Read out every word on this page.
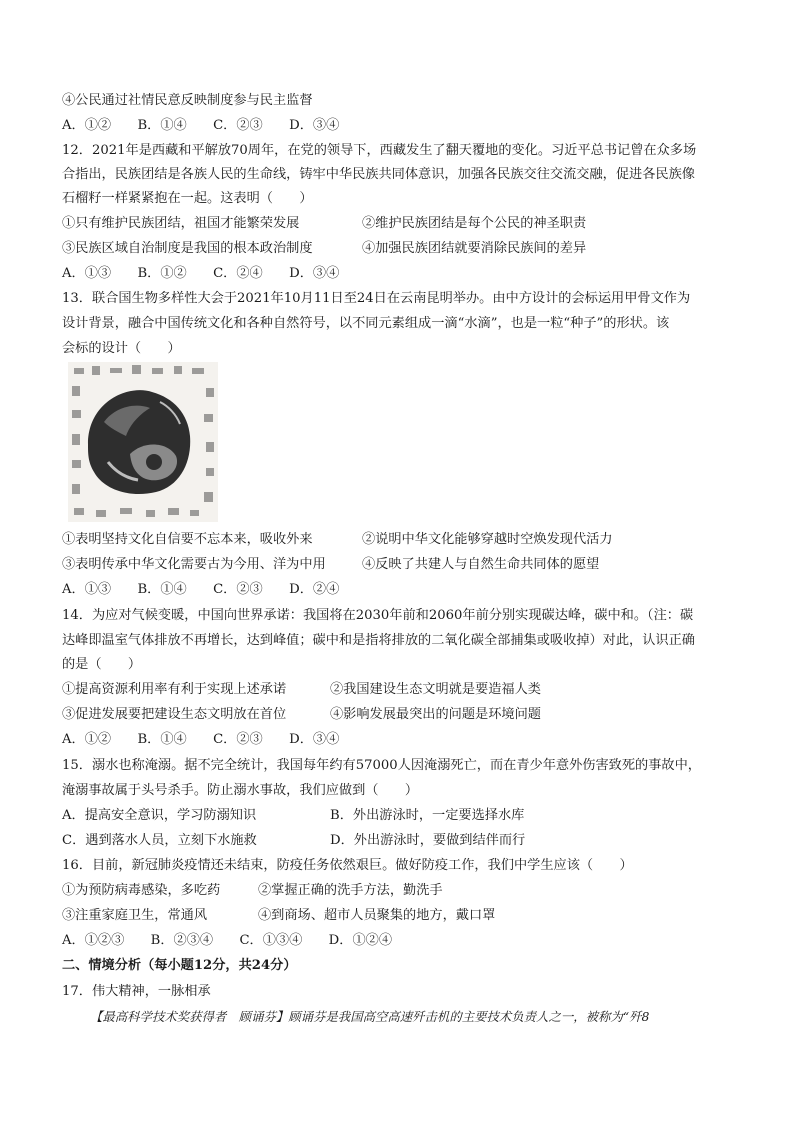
④公民通过社情民意反映制度参与民主监督
A．①②　　B．①④　　C．②③　　D．③④
12．2021年是西藏和平解放70周年，在党的领导下，西藏发生了翻天覆地的变化。习近平总书记曾在众多场
合指出，民族团结是各族人民的生命线，铸牢中华民族共同体意识，加强各民族交往交流交融，促进各民族像
石榴籽一样紧紧抱在一起。这表明（　　）
①只有维护民族团结，祖国才能繁荣发展	②维护民族团结是每个公民的神圣职责
③民族区域自治制度是我国的根本政治制度	④加强民族团结就要消除民族间的差异
A．①③　　B．①②　　C．②④　　D．③④
13．联合国生物多样性大会于2021年10月11日至24日在云南昆明举办。由中方设计的会标运用甲骨文作为
设计背景，融合中国传统文化和各种自然符号，以不同元素组成一滴“水滴”，也是一粒“种子”的形状。该
会标的设计（　　）
①表明坚持文化自信要不忘本来，吸收外来	②说明中华文化能够穿越时空焕发现代活力
③表明传承中华文化需要古为今用、洋为中用	④反映了共建人与自然生命共同体的愿望
A．①③　　B．①④　　C．②③　　D．②④
14．为应对气候变暖，中国向世界承诺：我国将在2030年前和2060年前分别实现碳达峰，碳中和。（注：碳
达峰即温室气体排放不再增长，达到峰值；碳中和是指将排放的二氧化碳全部捕集或吸收掉）对此，认识正确
的是（　　）
①提高资源利用率有利于实现上述承诺	②我国建设生态文明就是要造福人类
③促进发展要把建设生态文明放在首位	④影响发展最突出的问题是环境问题
A．①②　　B．①④　　C．②③　　D．③④
15．溺水也称淹溺。据不完全统计，我国每年约有57000人因淹溺死亡，而在青少年意外伤害致死的事故中，
淹溺事故属于头号杀手。防止溺水事故，我们应做到（　　）
A．提高安全意识，学习防溺知识	B．外出游泳时，一定要选择水库
C．遇到落水人员，立刻下水施救	D．外出游泳时，要做到结伴而行
16．目前，新冠肺炎疫情还未结束，防疫任务依然艰巨。做好防疫工作，我们中学生应该（　　）
①为预防病毒感染，多吃药	②掌握正确的洗手方法，勤洗手
③注重家庭卫生，常通风	④到商场、超市人员聚集的地方，戴口罩
A．①②③　　B．②③④　　C．①③④　　D．①②④
二、情境分析（每小题12分，共24分）
17．伟大精神，一脉相承
【最高科学技术奖获得者　顾诵芬】顾诵芬是我国高空高速歼击机的主要技术负责人之一，被称为“歼8
